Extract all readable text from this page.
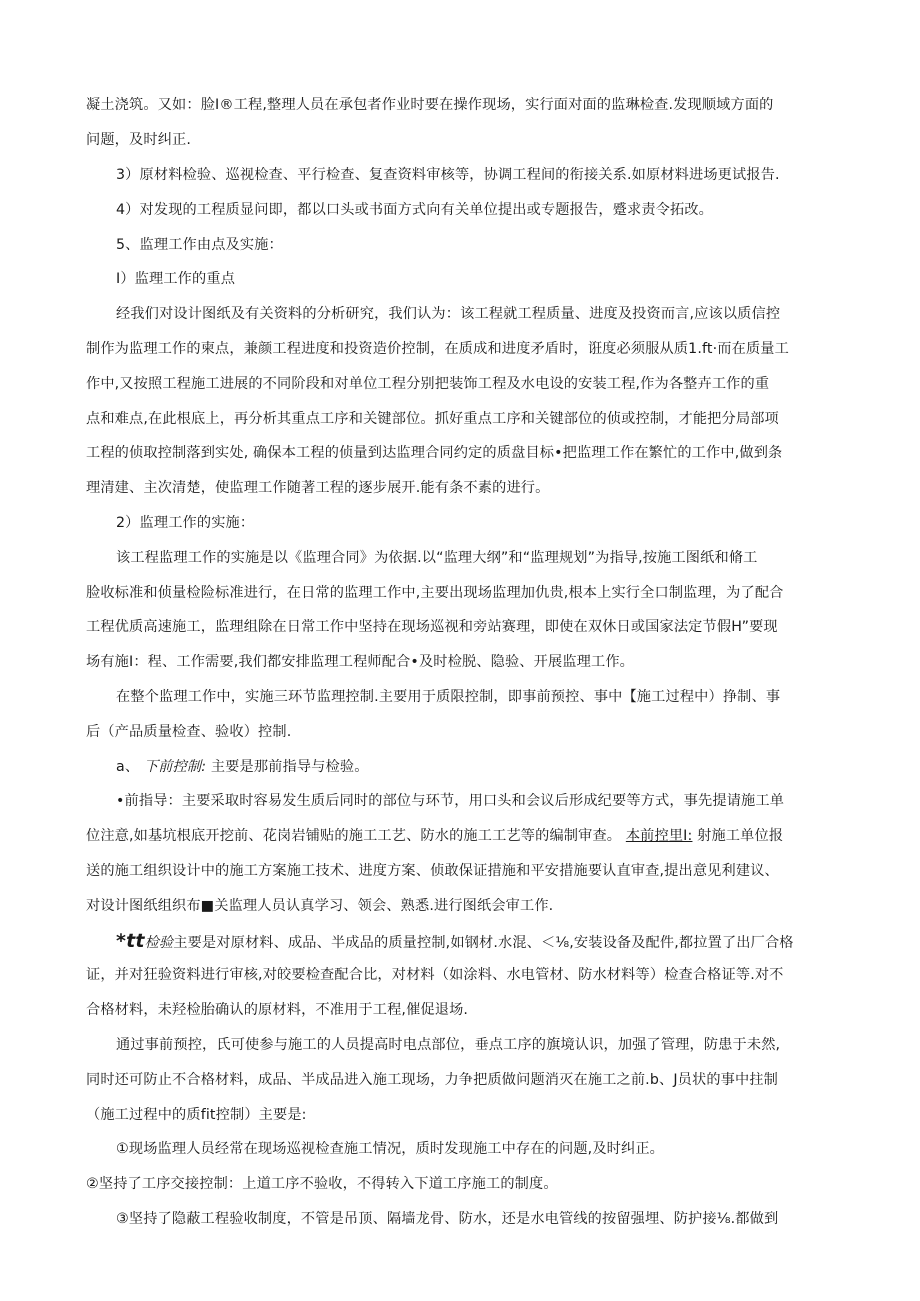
凝土浇筑。又如：脸I®工程,整理人员在承包者作业时要在操作现场，实行面对面的监琳检查.发现顺域方面的
问题，及时纠正.
3）原材料检验、巡视检查、平行检查、复查资料审核等，协调工程间的衔接关系.如原材料进场更试报告.
4）对发现的工程质显问即，都以口头或书面方式向有关单位提出或专题报告，蹙求责令拓改。
5、监理工作由点及实施：
I）监理工作的重点
经我们对设计图纸及有关资料的分析研究，我们认为：该工程就工程质量、进度及投资而言,应该以质信控
制作为监理工作的柬点，兼颜工程进度和投资造价控制，在质成和进度矛盾时，诳度必须服从质1.ft·而在质量工
作中,又按照工程施工进展的不同阶段和对单位工程分别把装饰工程及水电设的安装工程,作为各整卉工作的重
点和难点,在此根底上，再分析其重点工序和关键部位。抓好重点工序和关键部位的侦或控制，才能把分局部项
工程的侦取控制落到实处, 确保本工程的侦量到达监理合同约定的质盘目标•把监理工作在繁忙的工作中,做到条
理清建、主次清楚，使监理工作随著工程的逐步展开.能有条不素的进行。
2）监理工作的实施：
该工程监理工作的实施是以《监理合同》为依据.以“监理大纲”和“监理规划”为指导,按施工图纸和脩工
脸收标准和侦量检险标准进行，在日常的监理工作中,主要出现场监理加仇贵,根本上实行全口制监理，为了配合
工程优质高速施工，监理组除在日常工作中坚持在现场巡视和旁站赛理，即使在双休日或国家法定节假H”要现
场有施I：程、工作需要,我们都安排监理工程师配合•及时检脱、隐验、开展监理工作。
在整个监理工作中，实施三环节监理控制.主要用于质限控制，即事前预控、事中【施工过程中）挣制、事
后（产品质量检查、验收）控制.
a、 下前控制: 主要是那前指导与检验。
•前指导：主要采取时容易发生质后同时的部位与环节，用口头和会议后形成纪要等方式，事先提请施工单
位注意,如基坑根底开挖前、花岗岩铺贴的施工工艺、防水的施工工艺等的编制审查。 本前控里I: 射施工单位报
送的施工组织设计中的施工方案施工技术、进度方案、侦敢保证措施和平安措施要认直审查,提出意见利建议、
对设计图纸组织布■关监理人员认真学习、领会、熟悉.进行图纸会审工作.
*tt检验主要是对原材料、成品、半成品的质量控制,如钢材.水混、＜⅛,安装设备及配件,都拉置了出厂合格
证，并对狂验资料进行审核,对皎要检查配合比，对材料（如涂料、水电管材、防水材料等）检查合格证等.对不
合格材料，未羟检胎确认的原材料，不准用于工程,催促退场.
通过事前预控，氏可使参与施工的人员提高时电点部位，垂点工序的旗境认识，加强了管理，防患于未然,
同时还可防止不合格材料，成品、半成品进入施工现场，力争把质做问题消灭在施工之前.b、J员状的事中拄制
（施工过程中的质fit控制）主要是:
①现场监理人员经常在现场巡视检查施工情况，质时发现施工中存在的问题,及时纠正。
②坚持了工序交接控制：上道工序不验收，不得转入下道工序施工的制度。
③坚持了隐蔽工程验收制度，不管是吊顶、隔墙龙骨、防水，还是水电管线的按留强埋、防护接⅛.都做到
